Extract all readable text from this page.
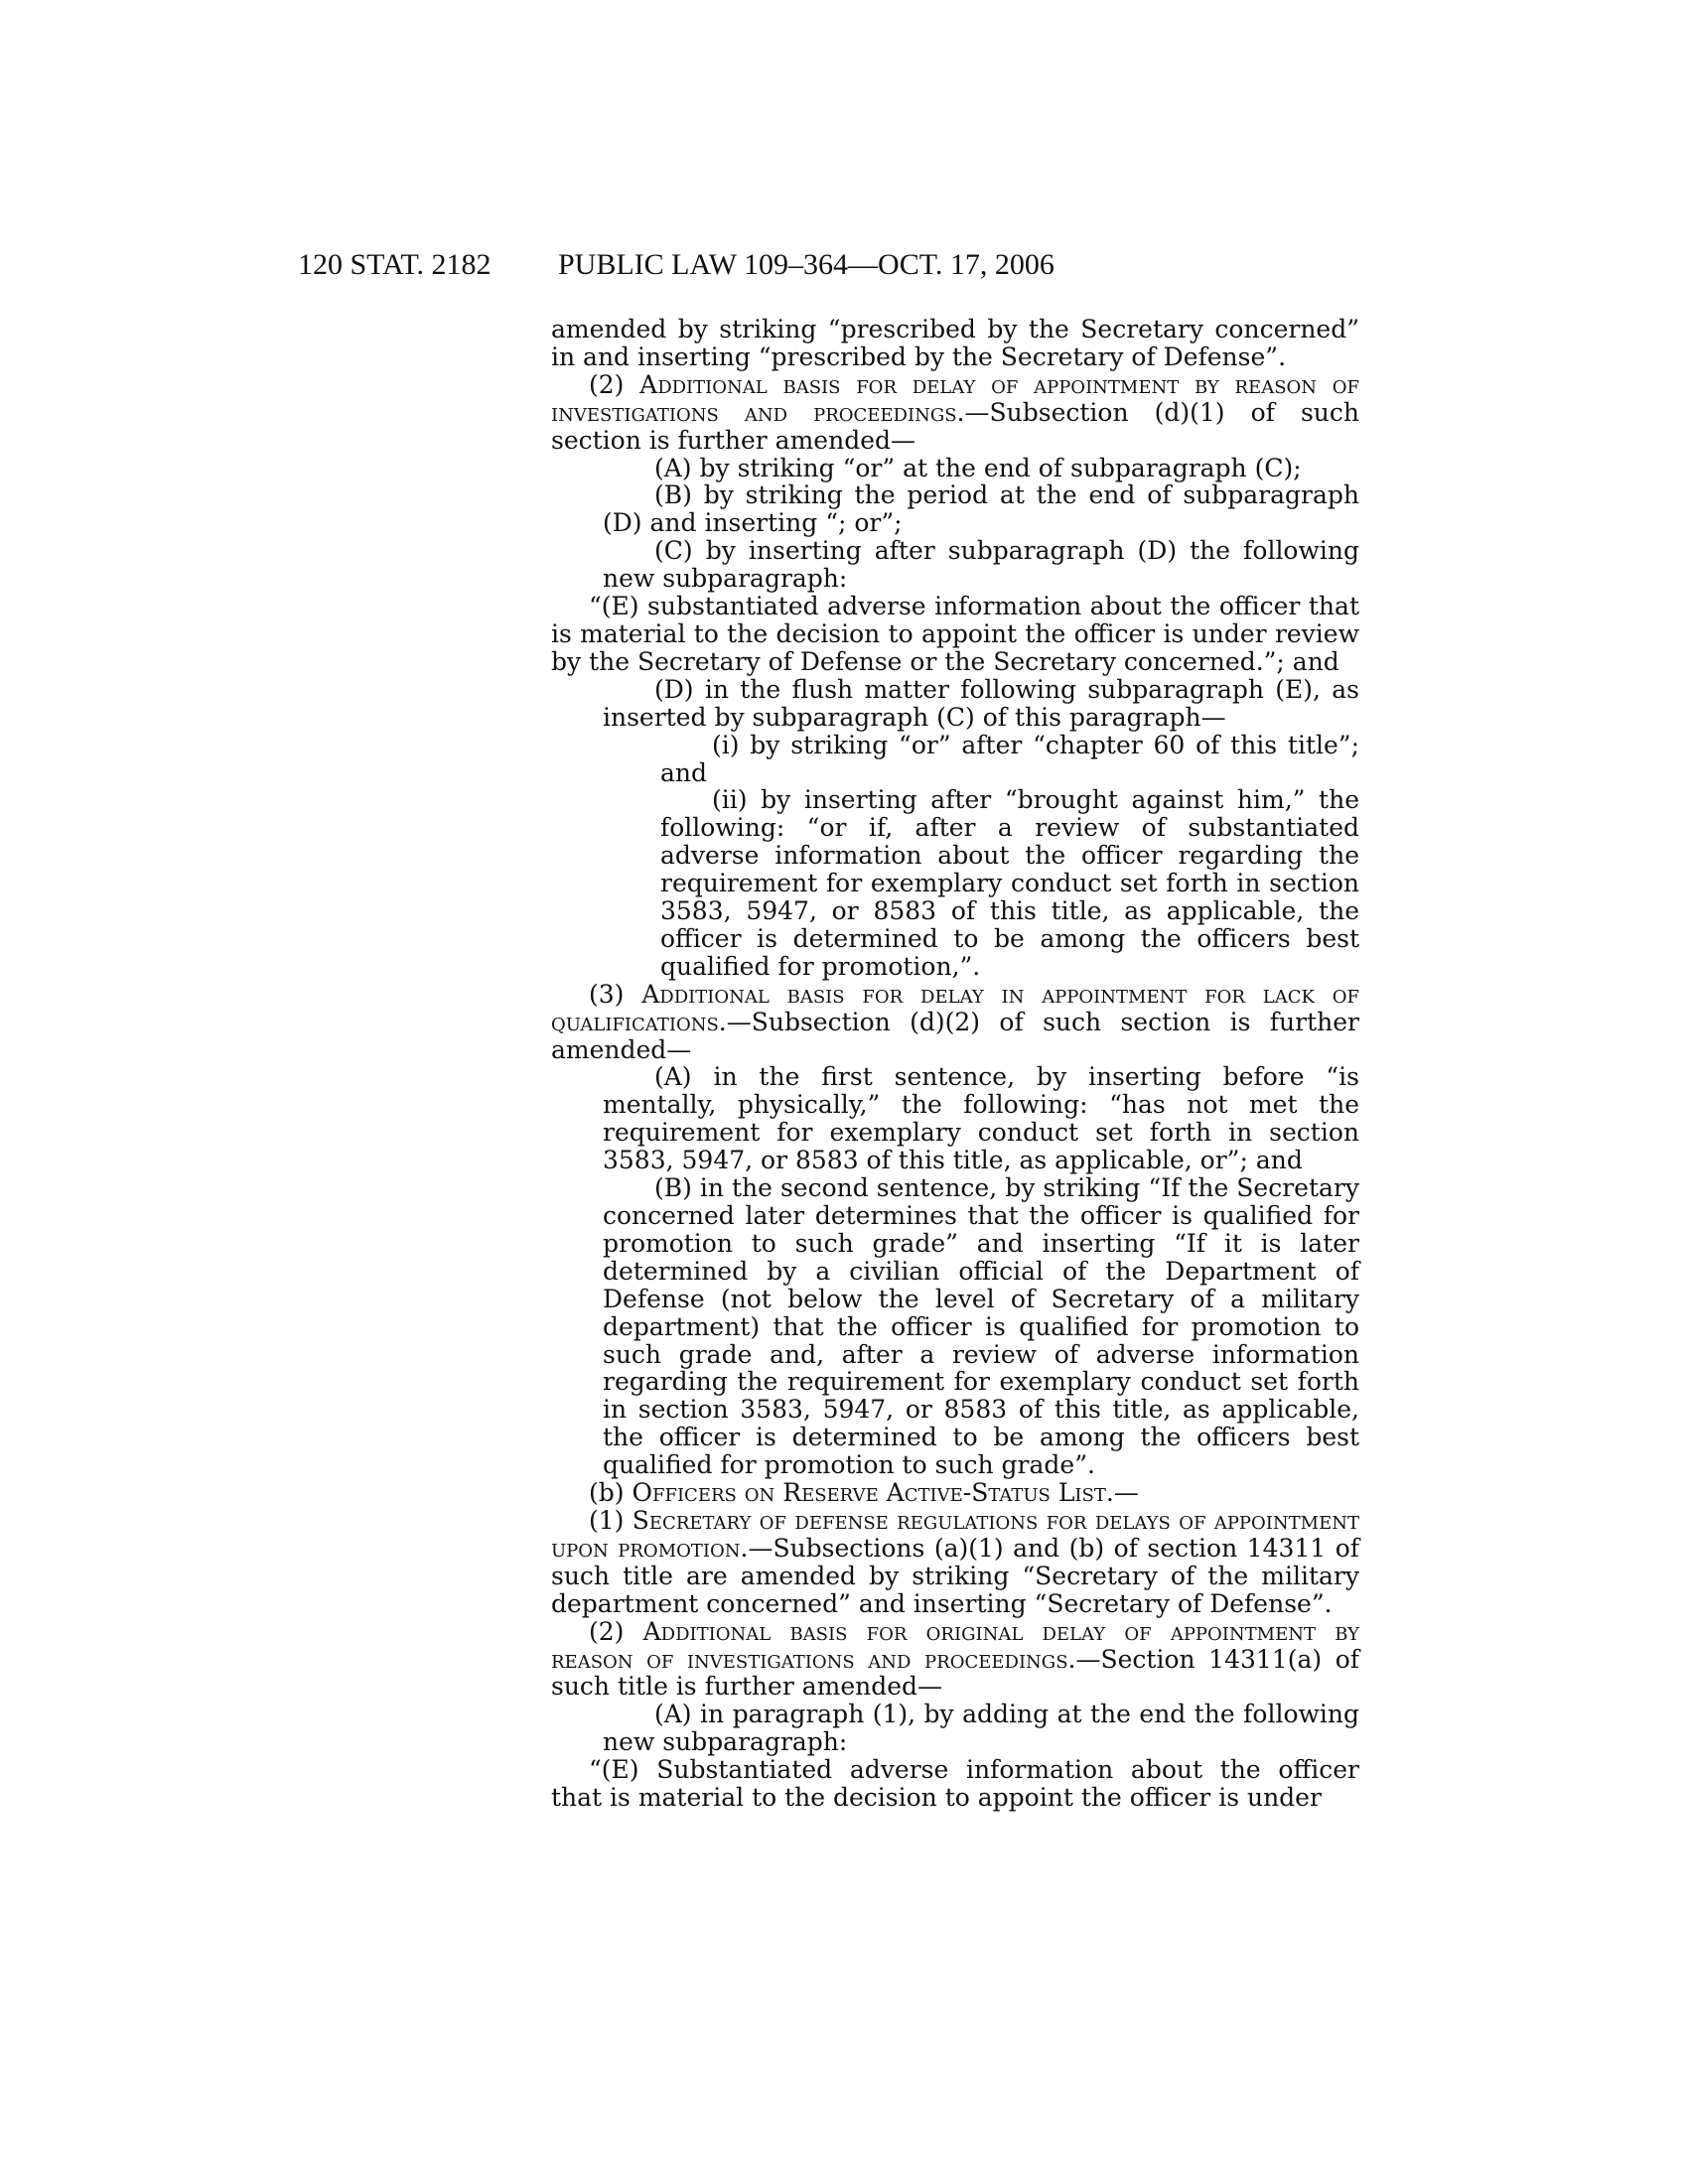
120 STAT. 2182 PUBLIC LAW 109–364—OCT. 17, 2006

amended by striking “prescribed by the Secretary concerned” in and inserting “prescribed by the Secretary of Defense”.

(2) Additional basis for delay of appointment by reason of investigations and proceedings.—Subsection (d)(1) of such section is further amended—

(A) by striking “or” at the end of subparagraph (C);

(B) by striking the period at the end of subparagraph (D) and inserting “; or”;

(C) by inserting after subparagraph (D) the following new subparagraph:

“(E) substantiated adverse information about the officer that is material to the decision to appoint the officer is under review by the Secretary of Defense or the Secretary concerned.”; and

(D) in the flush matter following subparagraph (E), as inserted by subparagraph (C) of this paragraph—

(i) by striking “or” after “chapter 60 of this title”; and

(ii) by inserting after “brought against him,” the following: “or if, after a review of substantiated adverse information about the officer regarding the requirement for exemplary conduct set forth in section 3583, 5947, or 8583 of this title, as applicable, the officer is determined to be among the officers best qualified for promotion,”.

(3) Additional basis for delay in appointment for lack of qualifications.—Subsection (d)(2) of such section is further amended—

(A) in the first sentence, by inserting before “is mentally, physically,” the following: “has not met the requirement for exemplary conduct set forth in section 3583, 5947, or 8583 of this title, as applicable, or”; and

(B) in the second sentence, by striking “If the Secretary concerned later determines that the officer is qualified for promotion to such grade” and inserting “If it is later determined by a civilian official of the Department of Defense (not below the level of Secretary of a military department) that the officer is qualified for promotion to such grade and, after a review of adverse information regarding the requirement for exemplary conduct set forth in section 3583, 5947, or 8583 of this title, as applicable, the officer is determined to be among the officers best qualified for promotion to such grade”.

(b) Officers on Reserve Active-Status List.—

(1) Secretary of defense regulations for delays of appointment upon promotion.—Subsections (a)(1) and (b) of section 14311 of such title are amended by striking “Secretary of the military department concerned” and inserting “Secretary of Defense”.

(2) Additional basis for original delay of appointment by reason of investigations and proceedings.—Section 14311(a) of such title is further amended—

(A) in paragraph (1), by adding at the end the following new subparagraph:

“(E) Substantiated adverse information about the officer that is material to the decision to appoint the officer is under
